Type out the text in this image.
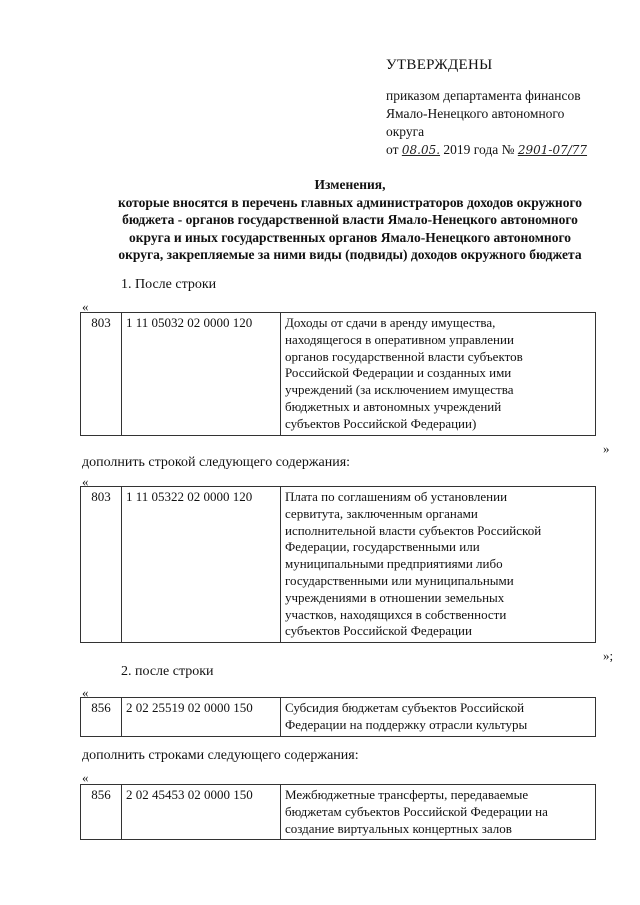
УТВЕРЖДЕНЫ
приказом департамента финансов
Ямало-Ненецкого автономного
округа
от 08.05. 2019 года № 2901-07/77
Изменения,
которые вносятся в перечень главных администраторов доходов окружного
бюджета - органов государственной власти Ямало-Ненецкого автономного
округа и иных государственных органов Ямало-Ненецкого автономного
округа, закрепляемые за ними виды (подвиды) доходов окружного бюджета
1. После строки
«
803	1 11 05032 02 0000 120	Доходы от сдачи в аренду имущества,
находящегося в оперативном управлении
органов государственной власти субъектов
Российской Федерации и созданных ими
учреждений (за исключением имущества
бюджетных и автономных учреждений
субъектов Российской Федерации)
»
дополнить строкой следующего содержания:
«
803	1 11 05322 02 0000 120	Плата по соглашениям об установлении
сервитута, заключенным органами
исполнительной власти субъектов Российской
Федерации, государственными или
муниципальными предприятиями либо
государственными или муниципальными
учреждениями в отношении земельных
участков, находящихся в собственности
субъектов Российской Федерации
»;
2. после строки
«
856	2 02 25519 02 0000 150	Субсидия бюджетам субъектов Российской
Федерации на поддержку отрасли культуры
дополнить строками следующего содержания:
«
856	2 02 45453 02 0000 150	Межбюджетные трансферты, передаваемые
бюджетам субъектов Российской Федерации на
создание виртуальных концертных залов
